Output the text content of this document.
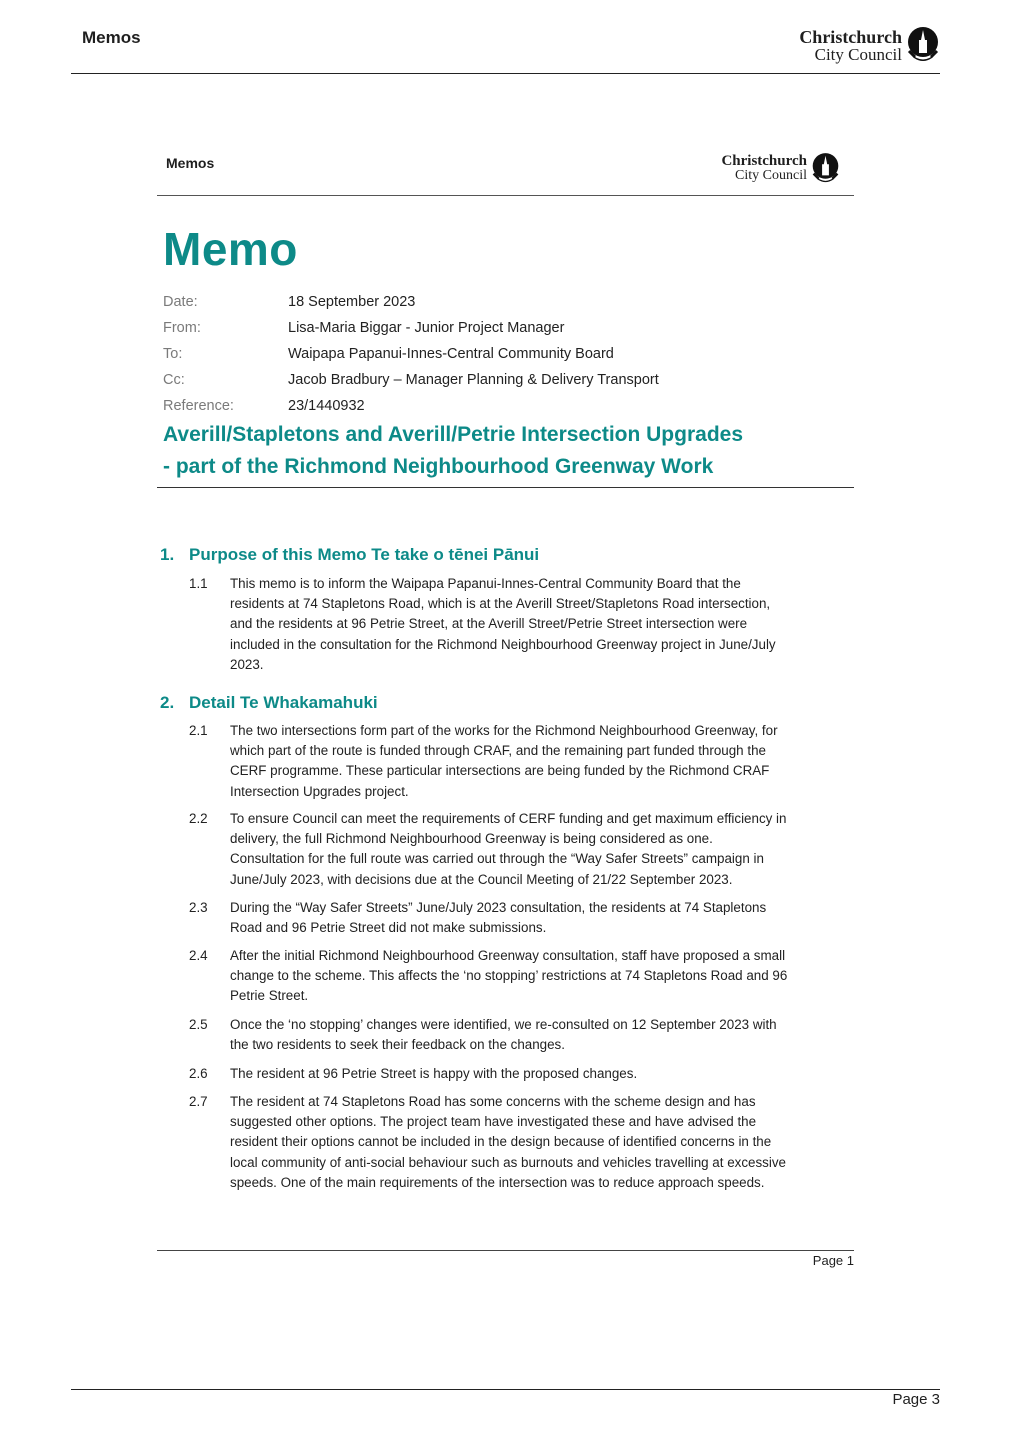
Memos	Christchurch
City Council
Memos	Christchurch
City Council
Memo
Date:	18 September 2023
From:	Lisa-Maria Biggar - Junior Project Manager
To:	Waipapa Papanui-Innes-Central Community Board
Cc:	Jacob Bradbury – Manager Planning & Delivery Transport
Reference:	23/1440932
Averill/Stapletons and Averill/Petrie Intersection Upgrades
- part of the Richmond Neighbourhood Greenway Work
1. Purpose of this Memo Te take o tēnei Pānui
1.1	This memo is to inform the Waipapa Papanui-Innes-Central Community Board that the
residents at 74 Stapletons Road, which is at the Averill Street/Stapletons Road intersection,
and the residents at 96 Petrie Street, at the Averill Street/Petrie Street intersection were
included in the consultation for the Richmond Neighbourhood Greenway project in June/July
2023.
2. Detail Te Whakamahuki
2.1	The two intersections form part of the works for the Richmond Neighbourhood Greenway, for
which part of the route is funded through CRAF, and the remaining part funded through the
CERF programme. These particular intersections are being funded by the Richmond CRAF
Intersection Upgrades project.
2.2	To ensure Council can meet the requirements of CERF funding and get maximum efficiency in
delivery, the full Richmond Neighbourhood Greenway is being considered as one.
Consultation for the full route was carried out through the “Way Safer Streets” campaign in
June/July 2023, with decisions due at the Council Meeting of 21/22 September 2023.
2.3	During the “Way Safer Streets” June/July 2023 consultation, the residents at 74 Stapletons
Road and 96 Petrie Street did not make submissions.
2.4	After the initial Richmond Neighbourhood Greenway consultation, staff have proposed a small
change to the scheme. This affects the ‘no stopping’ restrictions at 74 Stapletons Road and 96
Petrie Street.
2.5	Once the ‘no stopping’ changes were identified, we re-consulted on 12 September 2023 with
the two residents to seek their feedback on the changes.
2.6	The resident at 96 Petrie Street is happy with the proposed changes.
2.7	The resident at 74 Stapletons Road has some concerns with the scheme design and has
suggested other options. The project team have investigated these and have advised the
resident their options cannot be included in the design because of identified concerns in the
local community of anti-social behaviour such as burnouts and vehicles travelling at excessive
speeds. One of the main requirements of the intersection was to reduce approach speeds.
Page 1
Page 3
